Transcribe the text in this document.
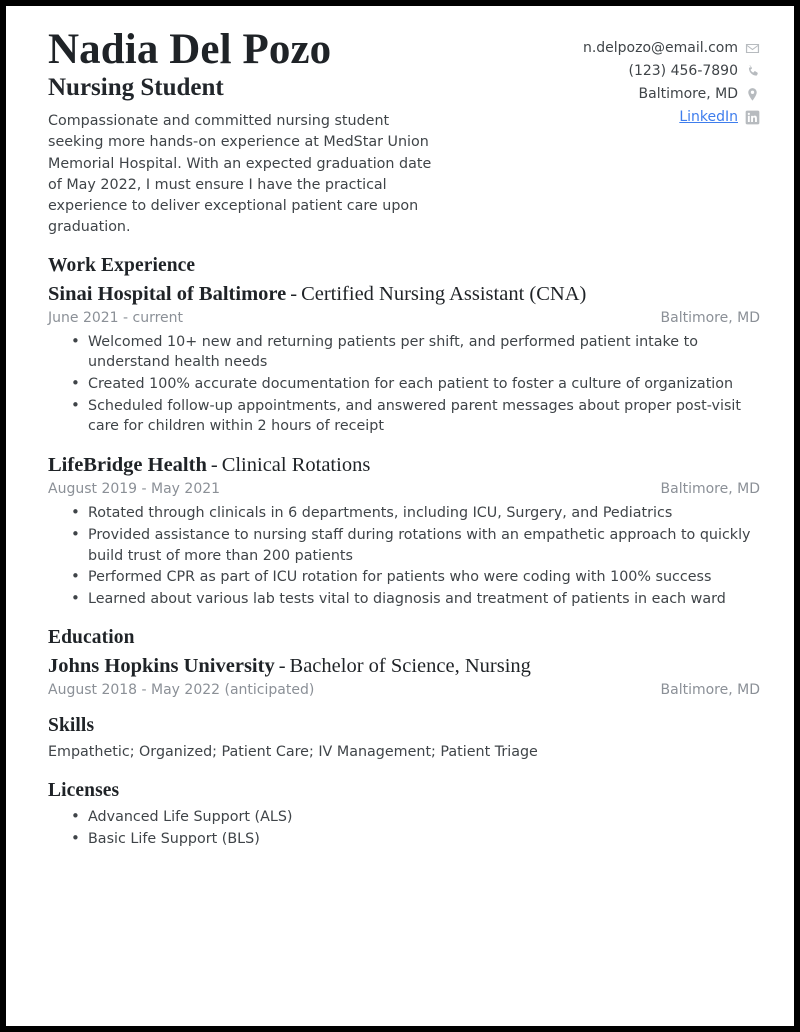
Nadia Del Pozo
Nursing Student

Compassionate and committed nursing student seeking more hands-on experience at MedStar Union Memorial Hospital. With an expected graduation date of May 2022, I must ensure I have the practical experience to deliver exceptional patient care upon graduation.

n.delpozo@email.com
(123) 456-7890
Baltimore, MD
LinkedIn
Work Experience
Sinai Hospital of Baltimore - Certified Nursing Assistant (CNA)
June 2021 - current	Baltimore, MD
• Welcomed 10+ new and returning patients per shift, and performed patient intake to understand health needs
• Created 100% accurate documentation for each patient to foster a culture of organization
• Scheduled follow-up appointments, and answered parent messages about proper post-visit care for children within 2 hours of receipt
LifeBridge Health - Clinical Rotations
August 2019 - May 2021	Baltimore, MD
• Rotated through clinicals in 6 departments, including ICU, Surgery, and Pediatrics
• Provided assistance to nursing staff during rotations with an empathetic approach to quickly build trust of more than 200 patients
• Performed CPR as part of ICU rotation for patients who were coding with 100% success
• Learned about various lab tests vital to diagnosis and treatment of patients in each ward
Education
Johns Hopkins University - Bachelor of Science, Nursing
August 2018 - May 2022 (anticipated)	Baltimore, MD
Skills

Empathetic; Organized; Patient Care; IV Management; Patient Triage

Licenses
• Advanced Life Support (ALS)
• Basic Life Support (BLS)
